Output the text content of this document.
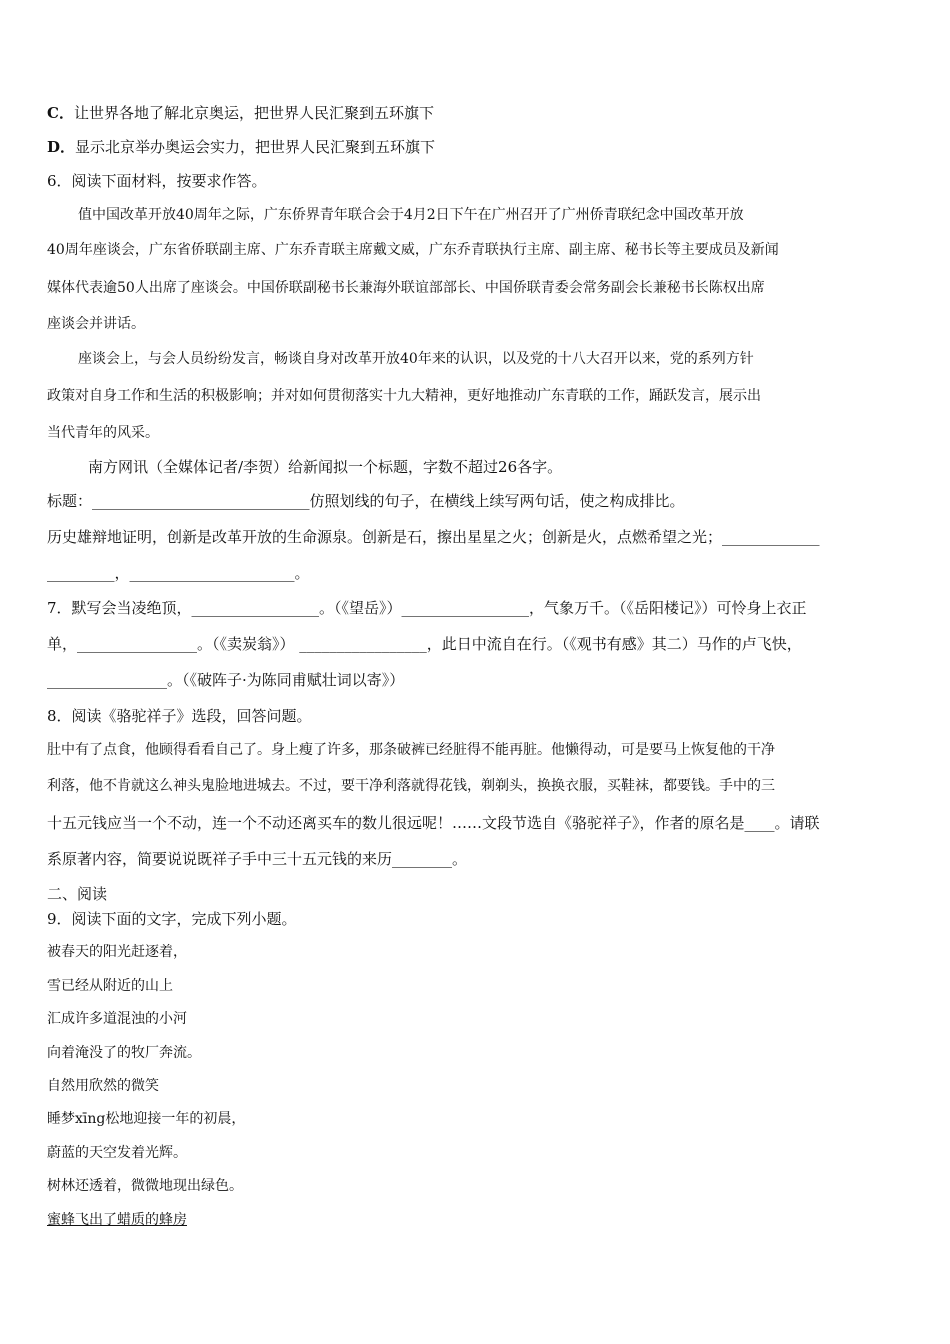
C．让世界各地了解北京奥运，把世界人民汇聚到五环旗下
D．显示北京举办奥运会实力，把世界人民汇聚到五环旗下
6．阅读下面材料，按要求作答。
值中国改革开放40周年之际，广东侨界青年联合会于4月2日下午在广州召开了广州侨青联纪念中国改革开放
40周年座谈会，广东省侨联副主席、广东乔青联主席戴文威，广东乔青联执行主席、副主席、秘书长等主要成员及新闻
媒体代表逾50人出席了座谈会。中国侨联副秘书长兼海外联谊部部长、中国侨联青委会常务副会长兼秘书长陈权出席
座谈会并讲话。
座谈会上，与会人员纷纷发言，畅谈自身对改革开放40年来的认识，以及党的十八大召开以来，党的系列方针
政策对自身工作和生活的积极影响；并对如何贯彻落实十九大精神，更好地推动广东青联的工作，踊跃发言，展示出
当代青年的风采。
南方网讯（全媒体记者/李贺）给新闻拟一个标题，字数不超过26各字。
标题：_____________________________仿照划线的句子，在横线上续写两句话，使之构成排比。
历史雄辩地证明，创新是改革开放的生命源泉。创新是石，擦出星星之火；创新是火，点燃希望之光；_____________
_________，______________________。
7．默写会当凌绝顶，_________________。（《望岳》）_________________，气象万千。（《岳阳楼记》）可怜身上衣正
单，________________。（《卖炭翁》） _________________，此日中流自在行。（《观书有感》其二）马作的卢飞快，
________________。（《破阵子·为陈同甫赋壮词以寄》）
8．阅读《骆驼祥子》选段，回答问题。
肚中有了点食，他顾得看看自己了。身上瘦了许多，那条破裤已经脏得不能再脏。他懒得动，可是要马上恢复他的干净
利落，他不肯就这么神头鬼脸地进城去。不过，要干净利落就得花钱，剃剃头，换换衣服，买鞋袜，都要钱。手中的三
十五元钱应当一个不动，连一个不动还离买车的数儿很远呢！……文段节选自《骆驼祥子》，作者的原名是____。请联
系原著内容，简要说说既祥子手中三十五元钱的来历________。
二、阅读
9．阅读下面的文字，完成下列小题。
被春天的阳光赶逐着，
雪已经从附近的山上
汇成许多道混浊的小河
向着淹没了的牧厂奔流。
自然用欣然的微笑
睡梦xīng松地迎接一年的初晨，
蔚蓝的天空发着光辉。
树林还透着，微微地现出绿色。
蜜蜂飞出了蜡质的蜂房
